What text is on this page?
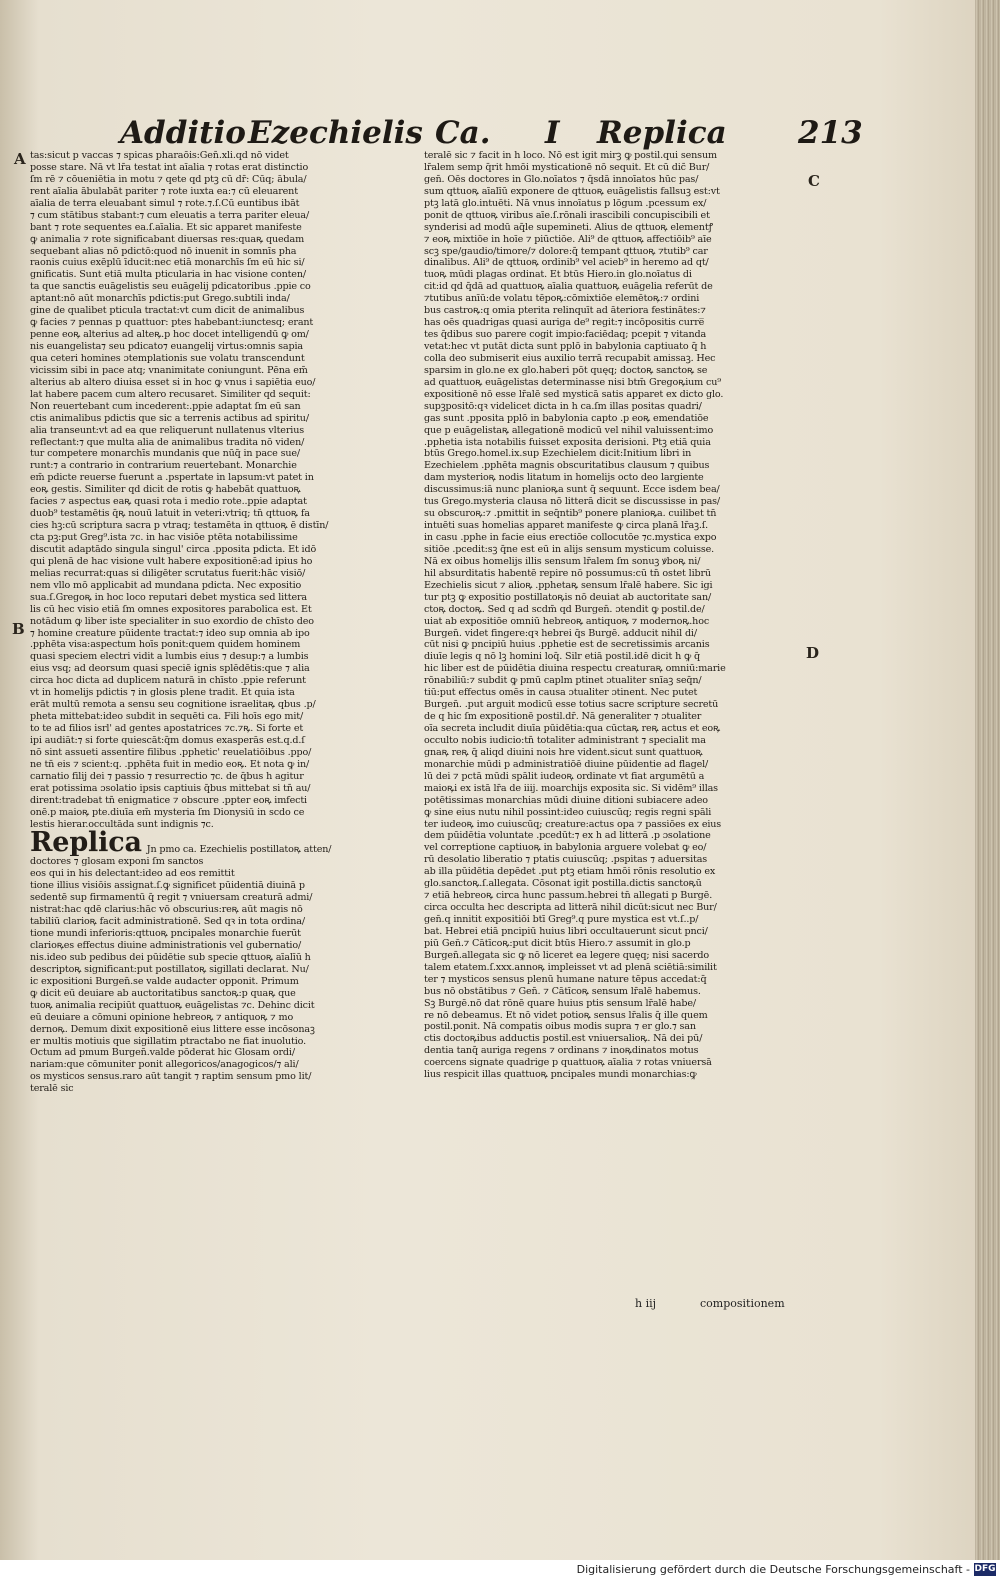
Additio Ezechielis Ca. I Replica 213
A
B
C
D
tas:sicut p vaccas ⁊ spicas pharaōis:Gen̄.xli.qd nō videt
posse stare. Nā vt lr̄a testat̄ int̄ aīalia ⁊ rotas erat distinctio
ſm rē ⁊ cōueniētia in motu ⁊ qete qd ptꝫ cū dr̄: Cūq; ābula/
rent aīalia ābulabāt pariter ⁊ rote iuxta ea:⁊ cū eleuarent
aīalia de terra eleuabant simul ⁊ rote.⁊.ſ.Cū euntibus ibāt
⁊ cum stātibus stabant:⁊ cum eleuatis a terra pariter eleua/
bant ⁊ rote sequentes ea.ſ.aīalia. Et sic apparet manifeste
ꝙ animalia ⁊ rote significabant diuersas res:quaꝶ quedam
sequebant̄ alias nō pdictō:quod nō inuenit̄ in somnīs pha
raonis cuius exēplū īducit:nec etiā monarchīs ſm eū hic si/
gnificatis. Sunt etiā multa pticularia in hac visione conten/
ta que sanctis euāgelistis seu euāgelij pdicatoribus .ppie co
aptant̄:nō aūt monarchīs pdictis:put Grego.subtili inda/
gine de qualibet pticula tractat:vt cum dicit de animalibus
ꝙ facies ⁊ pennas p quattuor: ptes habebant:iunctesq; erant
penne eoꝶ alterius ad alteꝶ.p hoc docet intelligendū ꝙ om/
nis euangelista⁊ seu pdicato⁊ euangelij virtus:omnis sapia
qua ceteri homines ɔtemplationis sue volatu transcendunt
vicissim sibi in pace atq; vnanimitate coniungunt. Pēna em̄
alterius ab altero diuisa esset si in hoc ꝙ vnus i sapiētia euo/
lat habere pacem cum altero recusaret. Similiter qd sequit̄:
Non reuertebant̄ cum incederent:.ppie adaptat̄ ſm eū san
ctis animalibus pdictis que sic a terrenis actibus ad spiritu/
alia transeunt:vt ad ea que reliquerunt nullatenus vlterius
reflectant̄:⁊ que multa alia de animalibus tradita nō viden/
tur competere monarchīs mundanis que nūq̄ in pace sue/
runt:⁊ a contrario in contrarium reuertebant̄. Monarchie
em̄ pdicte reuerse fuerunt a .pspertate in lapsum:vt patet in
eoꝶ gestis. Similiter qd dicit̄ de rotis ꝙ habebāt quattuoꝶ
facies ⁊ aspectus eaꝶ quasi rota i medio rote..ppie adaptat̄
duob⁹ testamētis q̄ꝶ nouū latuit in veteri:vtriq; tn̄ qttuoꝶ fa
cies h̄ꝫ:cū scriptura sacra p vtraq; testamēta in qttuoꝶ ē distīn/
cta pꝫ:put Greg⁹.ista ⁊c. in hac visiōe ptēta notabilissime
discutit adaptādo singula singul' circa .pposita pdicta. Et idō
qui plenā de hac visione vult habere expositionē:ad ipius ho
melias recurrat:quas si diligēter scrutatus fuerit:hāc visiō/
nem vllo mō applicabit ad mundana pdicta. Nec expositio
sua.ſ.Gregoꝶ in hoc loco reputari debet mystica sed littera
lis cū hec visio etiā ſm omnes expositores parabolica est. Et
notādum ꝙ liber iste specialiter in suo exordio de chīsto deo
⁊ homine creature pūidente tractat:⁊ ideo sup omnia ab ipo
.pphēta visa:aspectum hoīs ponit:quem quidem hominem
quasi speciem electri vidit a lumbis eius ⁊ desup:⁊ a lumbis
eius vsq; ad deorsum quasi speciē ignis splēdētis:que ⁊ alia
circa hoc dicta ad duplicem naturā in chīsto .ppie referunt̄
vt in homelijs pdictis ⁊ in glosis plene tradit̄. Et quia ista
erāt multū remota a sensu seu cognitione israelitaꝶ qbus .p/
pheta mittebat̄:ideo subdit in sequēti ca. Fili hoīs ego mit/
to te ad filios isrl' ad gentes apostatrices ⁊c.⁊ꝶ. Si forte et
ipi audiāt:⁊ si forte quiescāt:q̄m domus exasperās est.q.d.ſ
nō sint assueti assentire filibus .pphetic' reuelatiōibus .ppo/
ne tn̄ eis ⁊ scient:q. .pphēta fuit in medio eoꝶ. Et nota ꝙ in/
carnatio filij dei ⁊ passio ⁊ resurrectio ⁊c. de q̄bus h̄ agitur
erat potissima ɔsolatio ipsis captiuis q̄bus mittebat̄ si tn̄ au/
dirent:tradebat̄ tn̄ enigmatice ⁊ obscure .ppter eoꝶ imfecti
onē.p maioꝶ pte.diuīa em̄ mysteria ſm Dionysiū in scdo ce
lestis hierar.occultāda sunt indignis ⁊c.
Replica Jn pmo ca. Ezechielis postillatoꝶ atten/
doctores ⁊ glosam exponi ſm sanctos
eos qui in his delectant̄:ideo ad eos remittit
tione illius visiōis assignat.ſ.ꝙ significet pūidentiā diuinā p
sedentē sup firmamentū q̄ regit ⁊ vniuersam creaturā admi/
nistrat:hac qdē clarius:hāc vō obscurius:reꝶ aūt magis nō
tabiliū clarioꝶ facit administrationē. Sed qꝛ in tota ordina/
tione mundi inferioris:qttuoꝶ pncipales monarchie fuerūt
clarioꝶes effectus diuine administrationis vel gubernatio/
nis.ideo sub pedibus dei pūidētie sub specie qttuoꝶ aīalīū h̄
descriptoꝶ significant̄:put postillatoꝶ sigillati declarat. Nu/
ic expositioni Burgen̄.se valde audacter opponit. Primum
ꝙ dicit eū deuiare ab auctoritatibus sanctoꝶ:p quaꝶ que
tuoꝶ animalia recipiūt quattuoꝶ euāgelistas ⁊c. Dehinc dicit
eū deuiare a cōmuni opinione hebreoꝶ ⁊ antiquoꝶ ⁊ mo
dernoꝶ. Demum dixit expositionē eius littere esse incōsonaꝫ
er multis motiuis que sigillatim ptractabo ne fiat inuolutio.
Octum ad pmum Burgen̄.valde pōderat hic Glosam ordi/
nariam:que cōmuniter ponit allegoricos/anagogicos/⁊ ali/
os mysticos sensus.raro aūt tangit ⁊ raptim sensum pmo lit/
teralē sic
teralē sic ⁊ facit in h̄ loco. Nō est igit̄ mirꝫ ꝙ postil.qui sensum
lr̄alem semp q̄rit hmōi mysticationē nō sequit̄. Et cū dic̄ Bur/
gen̄. Oēs doctores in Glo.noīatos ⁊ q̄sdā innoīatos hūc pas/
sum qttuoꝶ aīalīū exponere de qttuoꝶ euāgelistis fallsuꝫ est:vt
ptꝫ latā glo.intuēti. Nā vnus innoīatus p lōgum .pcessum ex/
ponit de qttuoꝶ viribus aīe.ſ.rōnali irascibili concupiscibili et
synderisi ad modū aq̄le supemineti. Alius de qttuoꝶ elementꝭ
⁊ eoꝶ mixtiōe in hoīe ⁊ piūctiōe. Ali⁹ de qttuoꝶ affectiōib⁹ aīe
scꝫ spe/gaudio/timore/⁊ dolore:q̄ tempant̄ qttuoꝶ ⁊tutib⁹ car
dinalibus. Ali⁹ de qttuoꝶ ordinib⁹ vel acieb⁹ in heremo ad qt/
tuoꝶ mūdi plagas ordinat̄. Et btūs Hiero.in glo.noīatus di
cit:id qd q̄dā ad quattuoꝶ aīalia quattuoꝶ euāgelia referūt de
⁊tutibus anīū:de volatu tēpoꝶ:cōmixtiōe elemētoꝶ:⁊ ordini
bus castroꝶ:q omia pterita relinquīt ad āteriora festināt̄es:⁊
has oēs quadrigas quasi auriga de⁹ regit:⁊ incōpositis curre̅
tes q̄dibus suo parere cogit impio:faciēdaq; pcepit ⁊ vitanda
vetat:hec vt putāt dicta sunt pplō in babylonia captiuato q̄ h
colla deo submiserit eius auxilio terrā recupabit amissaꝫ. Hec
sparsim in glo.ne ex glo.haberi pōt quęq; doctoꝶ sanctoꝶ se
ad quattuoꝶ euāgelistas determinasse nisi btm̄ Gregoꝶium cu⁹
expositionē nō esse lr̄alē sed mysticā satis apparet ex dicto glo.
supꝫpositō:qꝛ videlicet dicta in h̄ ca.ſm illas positas quadri/
gas sunt .pposita pplō in babylonia capto .p eoꝶ emendatiōe
que p euāgelistaꝶ allegationē modicū vel nihil valuissent:imo
.pphetia ista notabilis fuisset exposita derisioni. Ptꝫ etiā quia
btūs Grego.homel.ix.sup Ezechielem dicit:Initium libri in
Ezechielem .pphēta magnis obscuritatibus clausum ⁊ quibus
dam mysterioꝶ nodis litatum in homelijs octo deo largiente
discussimus:iā nunc planioꝶa sunt q̄ sequunt̄. Ecce isdem bea/
tus Grego.mysteria clausa nō litterā dicit se discussisse in pas/
su obscuroꝶ:⁊ .pmittit in seq̄ntib⁹ ponere planioꝶa. cuilibet tn̄
intuēti suas homelias apparet manifeste ꝙ circa planā lr̄aꝫ.ſ.
in casu .pphe in facie eius erectiōe collocutōe ⁊c.mystica expo
sitiōe .pcedit:sꝫ q̄ne est eū in alijs sensum mysticum coluisse.
Nā ex oibus homelijs illis sensum lr̄alem ſm sonuꝫ ꝟboꝶ ni/
hil absurditatis habentē repire nō possumus:cū tn̄ ostet librū
Ezechielis sicut ⁊ alioꝶ .pphetaꝶ sensum lr̄alē habere. Sic igi
tur ptꝫ ꝙ expositio postillatoꝶis nō deuiat ab auctoritate san/
ctoꝶ doctoꝶ. Sed q ad scdm̄ qd Burgen̄. ɔtendit ꝙ postil.de/
uiat ab expositiōe omniū hebreoꝶ antiquoꝶ ⁊ modernoꝶ.hoc
Burgen̄. videt̄ fingere:qꝛ hebrei q̄s Burgē. adducit nihil di/
cūt nisi ꝙ pncipiū huius .pphetie est de secretissimis arcanis
diuīe legis q nō lꝫ homini loq̄. Silr etiā postil.idē dicit h̄ ꝙ q̄
hic liber est de pūidētia diuina respectu creaturaꝶ omniū:marie
rōnabiliū:⁊ subdit ꝙ pmū capl̄m ptinet ɔtualiter snīaꝫ seq̄n/
tiū:put effectus omēs in causa ɔtualiter ɔtinent̄. Nec putet
Burgen̄. .put arguit modicū esse totius sacre scripture secretū
de q hic ſm expositionē postil.dr̄. Nā generaliter ⁊ ɔtualiter
oīa secreta includit diuīa pūidētia:qua cūctaꝶ reꝶ actus et eoꝶ
occulto nobis iudicio:tn̄ totaliter administrant̄ ⁊ specialit̄ ma
gnaꝶ reꝶ q̄ aliqd diuini nois h̄re vident̄.sicut sunt quattuoꝶ
monarchie mūdi p administratiōē diuine pūidentie ad flagel/
lū dei ⁊ pctā mūdi spālit̄ iudeoꝶ ordinate vt fiat argumētū a
maioꝶi ex istā lr̄a de iiij. moarchijs exposita sic. Si vidēm⁹ illas
potētissimas monarchias mūdi diuine ditioni subiacere adeo
ꝙ sine eius nutu nihil possint:ideo cuiuscūq; regis regni spāli
ter iudeoꝶ imo cuiuscūq; creature:actus opa ⁊ passiōes ex eius
dem pūidētia voluntate .pcedūt:⁊ ex h̄ ad litterā .p ɔsolatione
vel correptione captiuoꝶ in babylonia arguere volebat ꝙ eo/
rū desolatio liberatio ⁊ ptatis cuiuscūq; .pspitas ⁊ aduersitas
ab illa pūidētia depēdet .put ptꝫ etiam hmōi rōnis resolutio ex
glo.sanctoꝶ.ſ.allegata. Cōsonat igit̄ postilla.dictis sanctoꝶū
⁊ etiā hebreoꝶ circa hunc passum.hebrei tn̄ allegati p Burgē.
circa occulta hec descripta ad litterā nihil dicūt:sicut nec Bur/
gen̄.q innitit̄ expositiōi btī Greg⁹.q pure mystica est vt.ſ..p/
bat. Hebrei etiā pncipiū huius libri occultauerunt sicut pnci/
piū Gen̄.⁊ Cātīcoꝶ:put dicit btūs Hiero.⁊ assumit in glo.p
Burgen̄.allegata sic ꝙ nō liceret ea legere quęq; nisi sacerdo
talem etatem.ſ.xxx.annoꝶ impleisset vt ad plenā sciētiā:similit
ter ⁊ mysticos sensus plenū humane nature tēpus accedat:q̄
bus nō obstātibus ⁊ Gen̄. ⁊ Cātīcoꝶ sensum lr̄alē habemus.
Sꝫ Burgē.nō dat rōnē quare huius ptis sensum lr̄alē habe/
re nō debeamus. Et nō videt̄ potioꝶ sensus lr̄alis q̄ ille quem
postil.ponit. Nā compatis oibus modis supra ⁊ er glo.⁊ san
ctis doctoꝶibus adductis postil.est vniuersalioꝶ. Nā dei pū/
dentia tanq̄ auriga regens ⁊ ordinans ⁊ inoꝶdinatos motus
coercens signate quadrige p quattuoꝶ aīalia ⁊ rotas vniuersā
lius respicit illas quattuoꝶ pncipales mundi monarchias:ꝙ
h iij	compositionem
Digitalisierung gefördert durch die Deutsche Forschungsgemeinschaft - DFG
